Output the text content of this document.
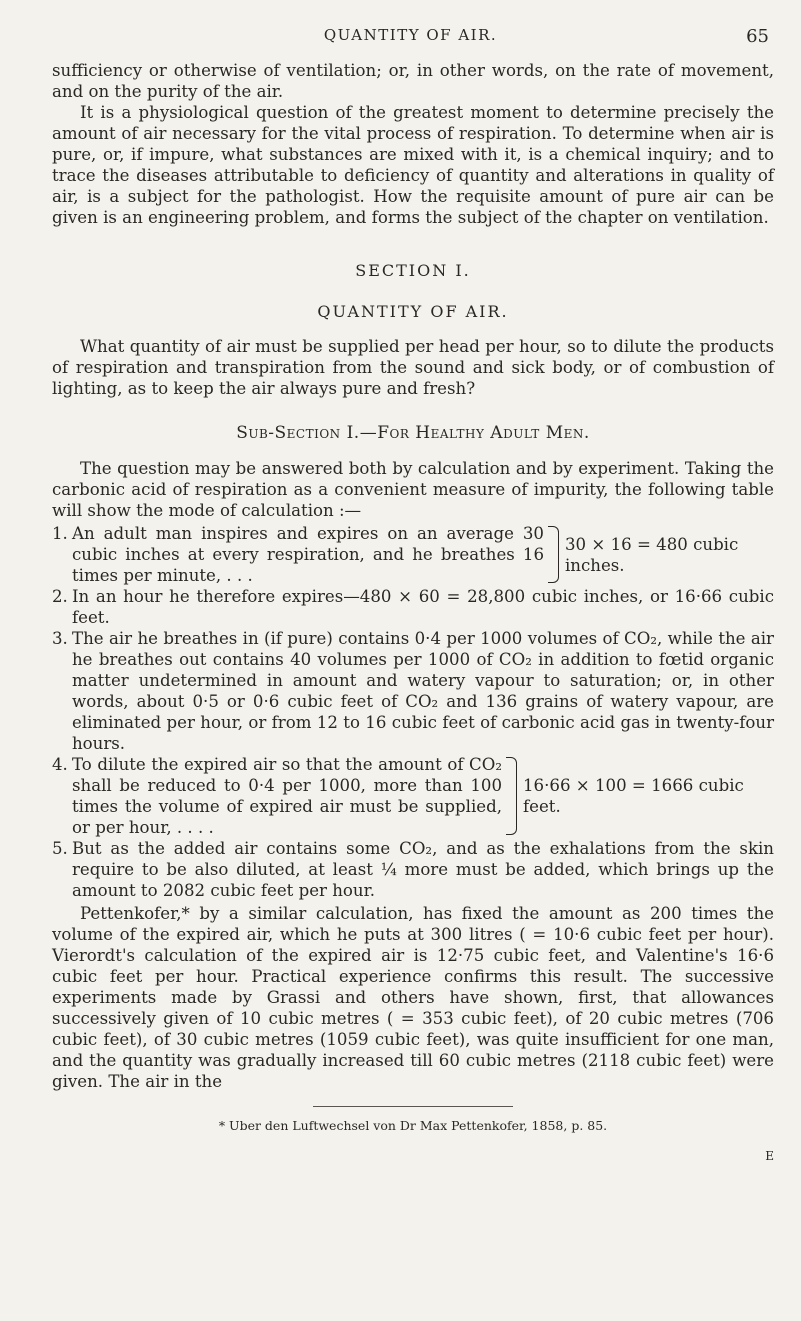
QUANTITY OF AIR.	65

sufficiency or otherwise of ventilation; or, in other words, on the rate of movement, and on the purity of the air.

It is a physiological question of the greatest moment to determine precisely the amount of air necessary for the vital process of respiration. To determine when air is pure, or, if impure, what substances are mixed with it, is a chemical inquiry; and to trace the diseases attributable to deficiency of quantity and alterations in quality of air, is a subject for the pathologist. How the requisite amount of pure air can be given is an engineering problem, and forms the subject of the chapter on ventilation.

SECTION I.

QUANTITY OF AIR.

What quantity of air must be supplied per head per hour, so to dilute the products of respiration and transpiration from the sound and sick body, or of combustion of lighting, as to keep the air always pure and fresh?

Sub-Section I.—For Healthy Adult Men.

The question may be answered both by calculation and by experiment. Taking the carbonic acid of respiration as a convenient measure of impurity, the following table will show the mode of calculation :—

1. An adult man inspires and expires on an average 30 cubic inches at every respiration, and he breathes 16 times per minute, . . .
30 × 16 = 480 cubic inches.
2. In an hour he therefore expires—480 × 60 = 28,800 cubic inches, or 16·66 cubic feet.
3. The air he breathes in (if pure) contains 0·4 per 1000 volumes of CO₂, while the air he breathes out contains 40 volumes per 1000 of CO₂ in addition to fœtid organic matter undetermined in amount and watery vapour to saturation; or, in other words, about 0·5 or 0·6 cubic feet of CO₂ and 136 grains of watery vapour, are eliminated per hour, or from 12 to 16 cubic feet of carbonic acid gas in twenty-four hours.
4. To dilute the expired air so that the amount of CO₂ shall be reduced to 0·4 per 1000, more than 100 times the volume of expired air must be supplied, or per hour, . . . .
16·66 × 100 = 1666 cubic feet.
5. But as the added air contains some CO₂, and as the exhalations from the skin require to be also diluted, at least ¼ more must be added, which brings up the amount to 2082 cubic feet per hour.

Pettenkofer,* by a similar calculation, has fixed the amount as 200 times the volume of the expired air, which he puts at 300 litres ( = 10·6 cubic feet per hour). Vierordt's calculation of the expired air is 12·75 cubic feet, and Valentine's 16·6 cubic feet per hour. Practical experience confirms this result. The successive experiments made by Grassi and others have shown, first, that allowances successively given of 10 cubic metres ( = 353 cubic feet), of 20 cubic metres (706 cubic feet), of 30 cubic metres (1059 cubic feet), was quite insufficient for one man, and the quantity was gradually increased till 60 cubic metres (2118 cubic feet) were given. The air in the

* Uber den Luftwechsel von Dr Max Pettenkofer, 1858, p. 85.

E
